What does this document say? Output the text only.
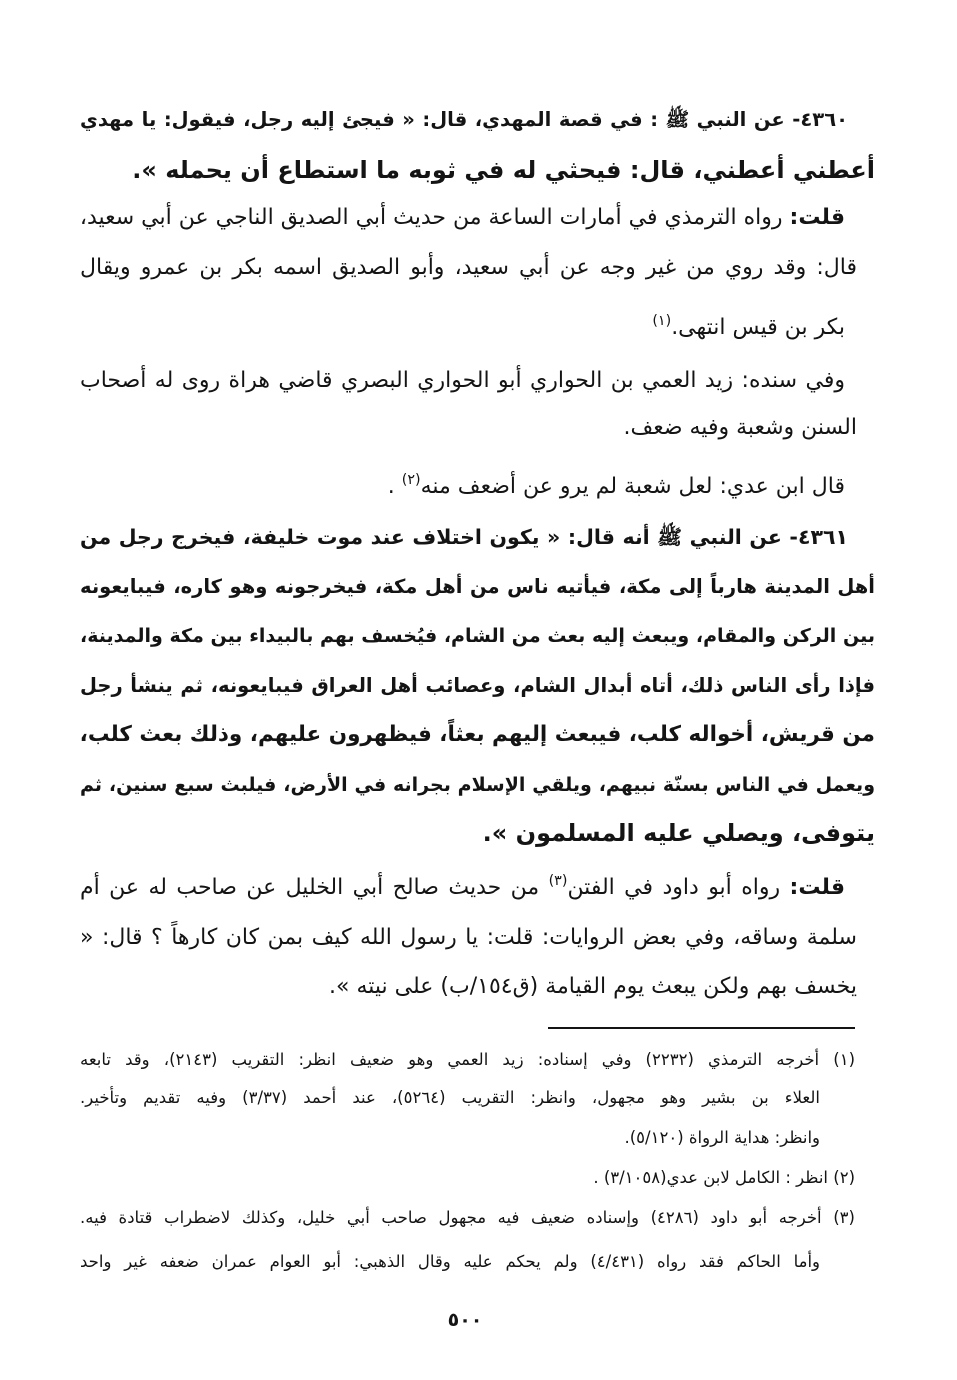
٤٣٦٠- عن النبي ﷺ : في قصة المهدي، قال: « فيجئ إليه رجل، فيقول: يا مهدي
أعطني أعطني، قال: فيحثي له في ثوبه ما استطاع أن يحمله ».
قلت: رواه الترمذي في أمارات الساعة من حديث أبي الصديق الناجي عن أبي سعيد،
قال: وقد روي من غير وجه عن أبي سعيد، وأبو الصديق اسمه بكر بن عمرو ويقال
بكر بن قيس انتهى.$^{(١)}$
وفي سنده: زيد العمي بن الحواري أبو الحواري البصري قاضي هراة روى له أصحاب
السنن وشعبة وفيه ضعف.
قال ابن عدي: لعل شعبة لم يرو عن أضعف منه$^{(٢)}$ .
٤٣٦١- عن النبي ﷺ أنه قال: « يكون اختلاف عند موت خليفة، فيخرج رجل من
أهل المدينة هارباً إلى مكة، فيأتيه ناس من أهل مكة، فيخرجونه وهو كاره، فيبايعونه
بين الركن والمقام، ويبعث إليه بعث من الشام، فيُخسف بهم بالبيداء بين مكة والمدينة،
فإذا رأى الناس ذلك، أتاه أبدال الشام، وعصائب أهل العراق فيبايعونه، ثم ينشأ رجل
من قريش، أخواله كلب، فيبعث إليهم بعثاً، فيظهرون عليهم، وذلك بعث كلب،
ويعمل في الناس بسنّة نبيهم، ويلقي الإسلام بجرانه في الأرض، فيلبث سبع سنين، ثم
يتوفى، ويصلي عليه المسلمون ».
قلت: رواه أبو داود في الفتن$^{(٣)}$ من حديث صالح أبي الخليل عن صاحب له عن أم
سلمة وساقه، وفي بعض الروايات: قلت: يا رسول الله كيف بمن كان كارهاً ؟ قال: «
يخسف بهم ولكن يبعث يوم القيامة (ق١٥٤/ب) على نيته ».
(١) أخرجه الترمذي (٢٢٣٢) وفي إسناده: زيد العمي وهو ضعيف انظر: التقريب (٢١٤٣)، وقد تابعه
العلاء بن بشير وهو مجهول، وانظر: التقريب (٥٢٦٤)، عند أحمد (٣/٣٧) وفيه تقديم وتأخير.
وانظر: هداية الرواة (٥/١٢٠).
(٢) انظر : الكامل لابن عدي(٣/١٠٥٨) .
(٣) أخرجه أبو داود (٤٢٨٦) وإسناده ضعيف فيه مجهول صاحب أبي خليل، وكذلك لاضطراب قتادة فيه.
وأما الحاكم فقد رواه (٤/٤٣١) ولم يحكم عليه وقال الذهبي: أبو العوام عمران ضعفه غير واحد
٥٠٠
